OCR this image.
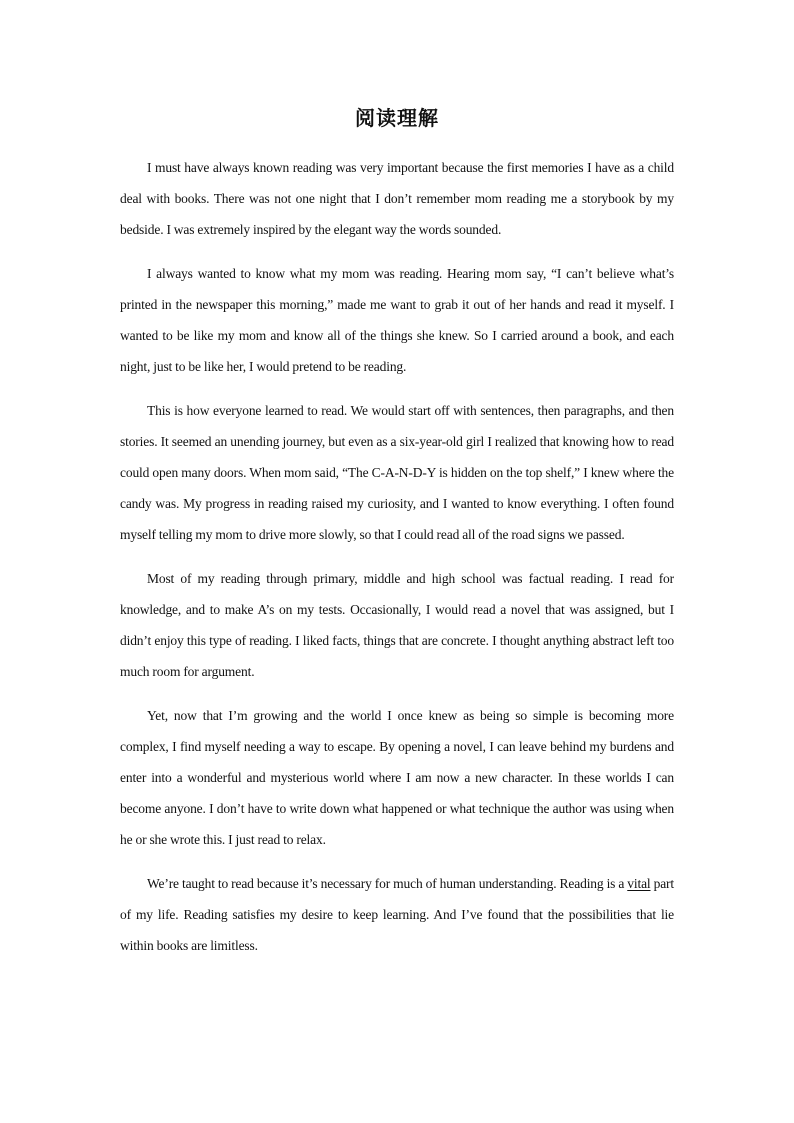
阅读理解

I must have always known reading was very important because the first memories I have as a child deal with books. There was not one night that I don’t remember mom reading me a storybook by my bedside. I was extremely inspired by the elegant way the words sounded.

I always wanted to know what my mom was reading. Hearing mom say, “I can’t believe what’s printed in the newspaper this morning,” made me want to grab it out of her hands and read it myself. I wanted to be like my mom and know all of the things she knew. So I carried around a book, and each night, just to be like her, I would pretend to be reading.

This is how everyone learned to read. We would start off with sentences, then paragraphs, and then stories. It seemed an unending journey, but even as a six-year-old girl I realized that knowing how to read could open many doors. When mom said, “The C-A-N-D-Y is hidden on the top shelf,” I knew where the candy was. My progress in reading raised my curiosity, and I wanted to know everything. I often found myself telling my mom to drive more slowly, so that I could read all of the road signs we passed.

Most of my reading through primary, middle and high school was factual reading. I read for knowledge, and to make A’s on my tests. Occasionally, I would read a novel that was assigned, but I didn’t enjoy this type of reading. I liked facts, things that are concrete. I thought anything abstract left too much room for argument.

Yet, now that I’m growing and the world I once knew as being so simple is becoming more complex, I find myself needing a way to escape. By opening a novel, I can leave behind my burdens and enter into a wonderful and mysterious world where I am now a new character. In these worlds I can become anyone. I don’t have to write down what happened or what technique the author was using when he or she wrote this. I just read to relax.

We’re taught to read because it’s necessary for much of human understanding. Reading is a vital part of my life. Reading satisfies my desire to keep learning. And I’ve found that the possibilities that lie within books are limitless.
